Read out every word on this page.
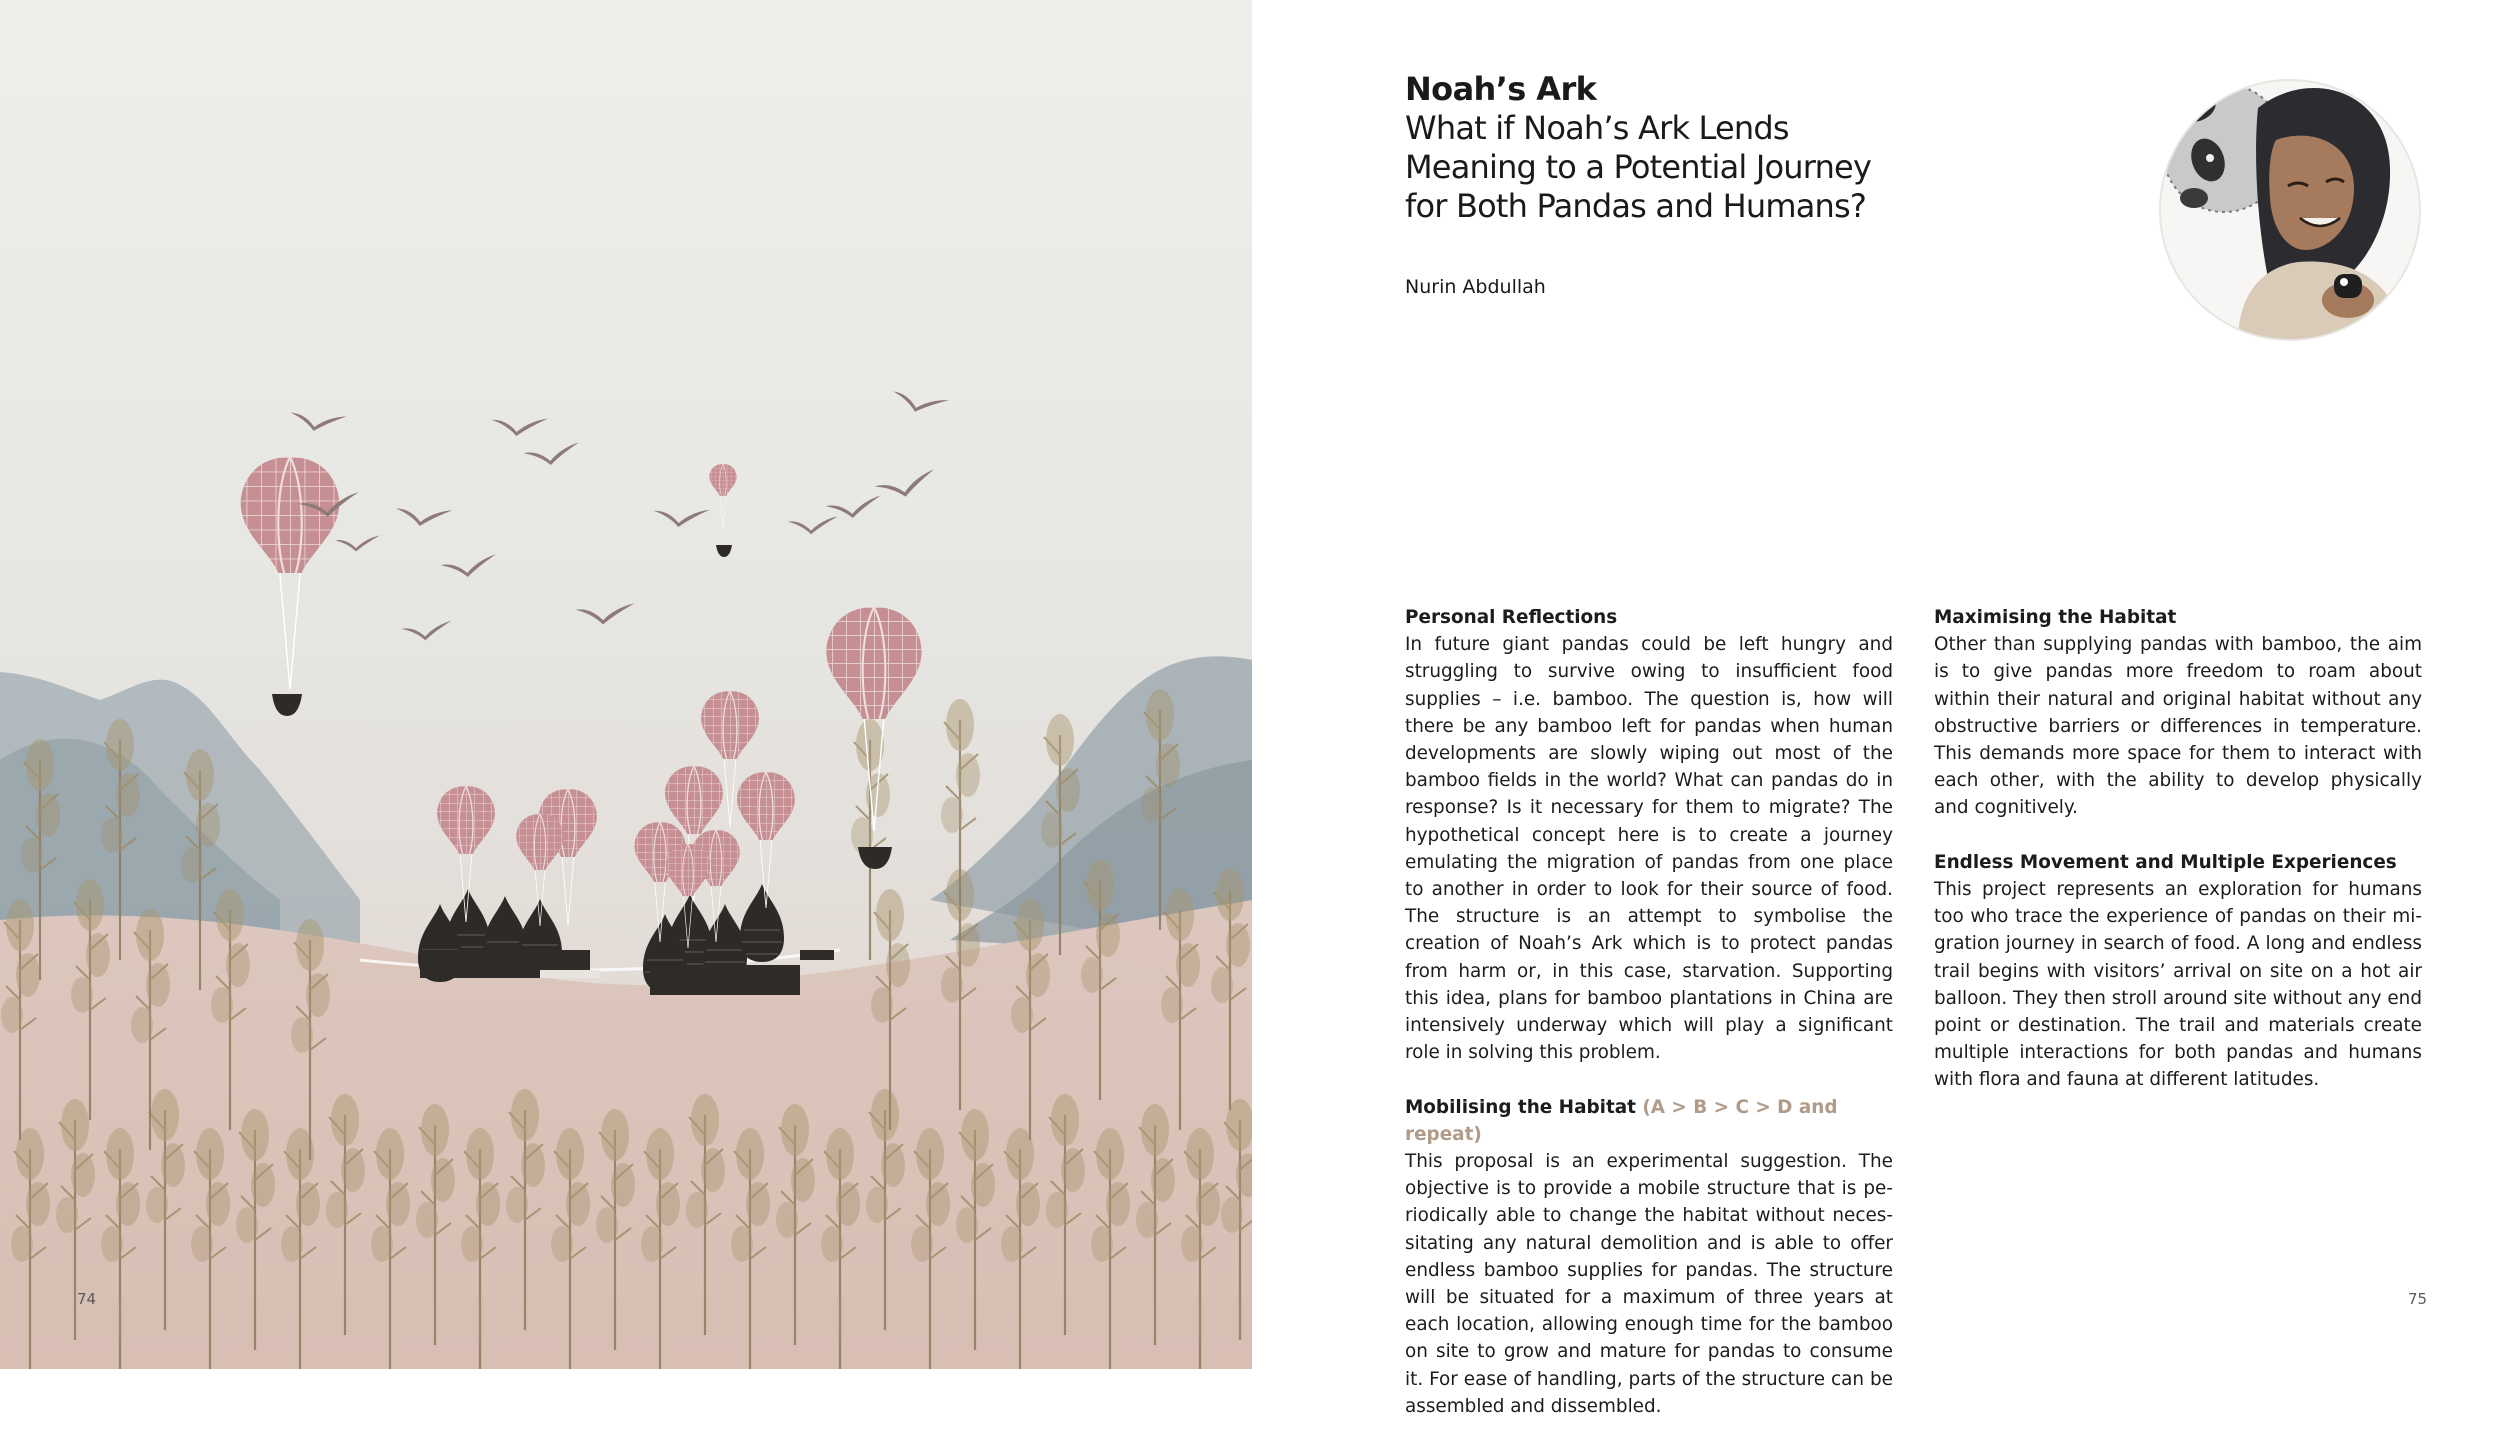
74
Noah’s Ark
What if Noah’s Ark Lends
Meaning to a Potential Journey
for Both Pandas and Humans?
Nurin Abdullah
Personal Reflections
In future giant pandas could be left hungry and struggling to survive owing to insufficient food supplies – i.e. bamboo. The question is, how will there be any bamboo left for pandas when human developments are slowly wiping out most of the bamboo fields in the world? What can pandas do in response? Is it necessary for them to migrate? The hypothetical concept here is to create a journey emulating the migration of pandas from one place to another in order to look for their source of food. The structure is an attempt to symbolise the creation of Noah’s Ark which is to protect pandas from harm or, in this case, starvation. Supporting this idea, plans for bamboo plantations in China are intensively underway which will play a significant role in solving this problem.
Mobilising the Habitat (A > B > C > D and repeat)
This proposal is an experimental suggestion. The objective is to provide a mobile structure that is periodically able to change the habitat without necessitating any natural demolition and is able to offer endless bamboo supplies for pandas. The structure will be situated for a maximum of three years at each location, allowing enough time for the bamboo on site to grow and mature for pandas to consume it. For ease of handling, parts of the structure can be assembled and dissembled.
Maximising the Habitat
Other than supplying pandas with bamboo, the aim is to give pandas more freedom to roam about within their natural and original habitat without any obstructive barriers or differences in temperature. This demands more space for them to interact with each other, with the ability to develop physically and cognitively.
Endless Movement and Multiple Experiences
This project represents an exploration for humans too who trace the experience of pandas on their migration journey in search of food. A long and endless trail begins with visitors’ arrival on site on a hot air balloon. They then stroll around site without any end point or destination. The trail and materials create multiple interactions for both pandas and humans with flora and fauna at different latitudes.
75
